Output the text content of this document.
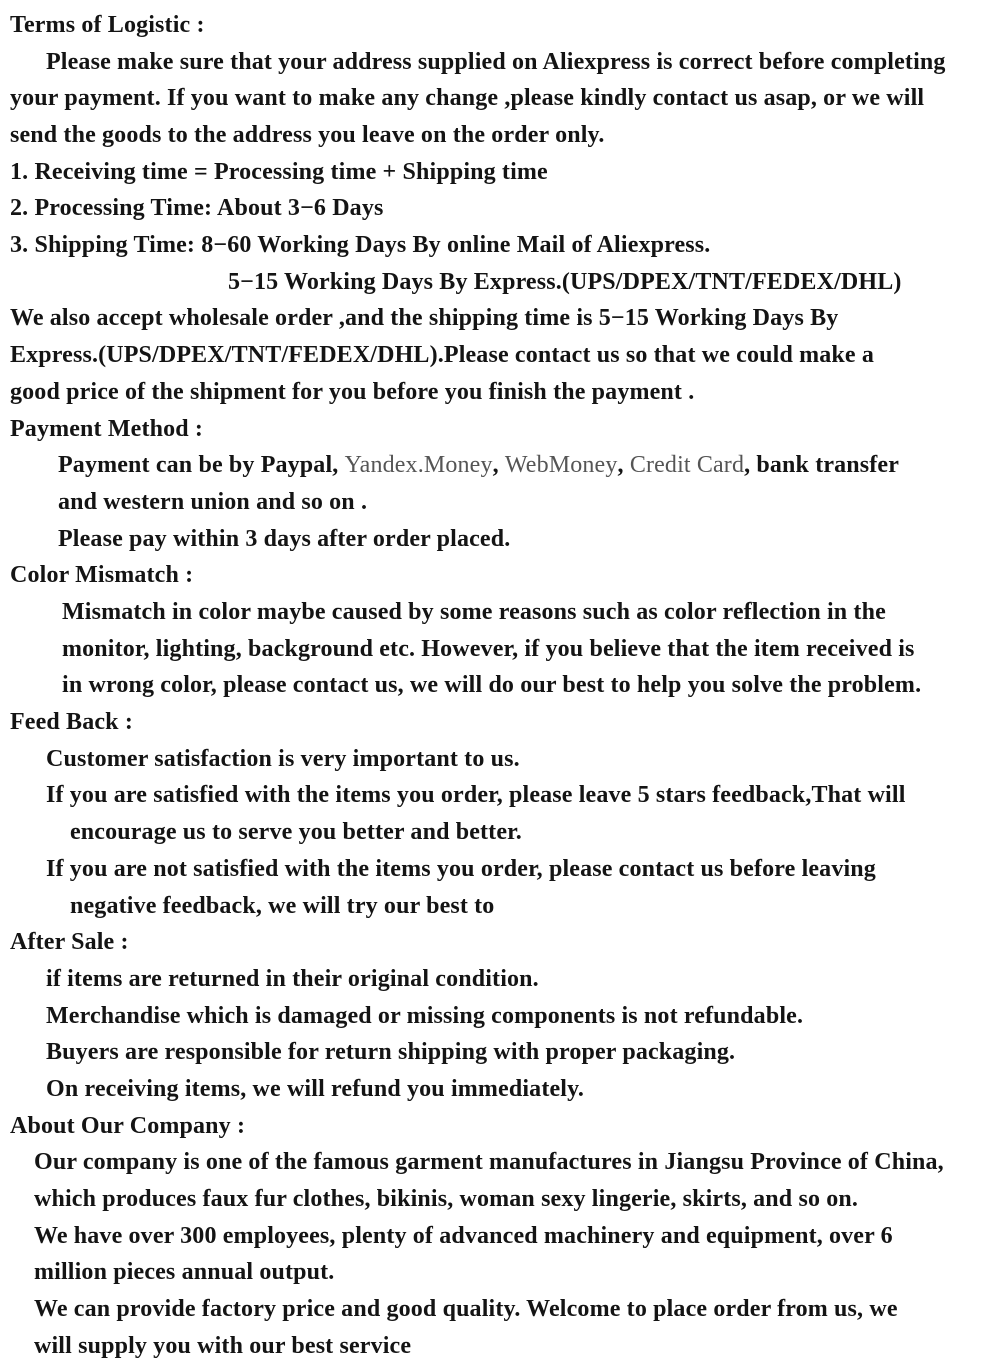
Terms of Logistic :
Please make sure that your address supplied on Aliexpress is correct before completing
your payment. If you want to make any change ,please kindly contact us asap, or we will
send the goods to the address you leave on the order only.
1. Receiving time = Processing time + Shipping time
2. Processing Time: About 3−6 Days
3. Shipping Time: 8−60 Working Days By online Mail of Aliexpress.
5−15 Working Days By Express.(UPS/DPEX/TNT/FEDEX/DHL)
We also accept wholesale order ,and the shipping time is 5−15 Working Days By
Express.(UPS/DPEX/TNT/FEDEX/DHL).Please contact us so that we could make a
good price of the shipment for you before you finish the payment .
Payment Method :
Payment can be by Paypal, Yandex.Money, WebMoney, Credit Card, bank transfer
and western union and so on .
Please pay within 3 days after order placed.
Color Mismatch :
Mismatch in color maybe caused by some reasons such as color reflection in the
monitor, lighting, background etc. However, if you believe that the item received is
in wrong color, please contact us, we will do our best to help you solve the problem.
Feed Back :
Customer satisfaction is very important to us.
If you are satisfied with the items you order, please leave 5 stars feedback,That will
encourage us to serve you better and better.
If you are not satisfied with the items you order, please contact us before leaving
negative feedback, we will try our best to
After Sale :
if items are returned in their original condition.
Merchandise which is damaged or missing components is not refundable.
Buyers are responsible for return shipping with proper packaging.
On receiving items, we will refund you immediately.
About Our Company :
Our company is one of the famous garment manufactures in Jiangsu Province of China,
which produces faux fur clothes, bikinis, woman sexy lingerie, skirts, and so on.
We have over 300 employees, plenty of advanced machinery and equipment, over 6
million pieces annual output.
We can provide factory price and good quality. Welcome to place order from us, we
will supply you with our best service
